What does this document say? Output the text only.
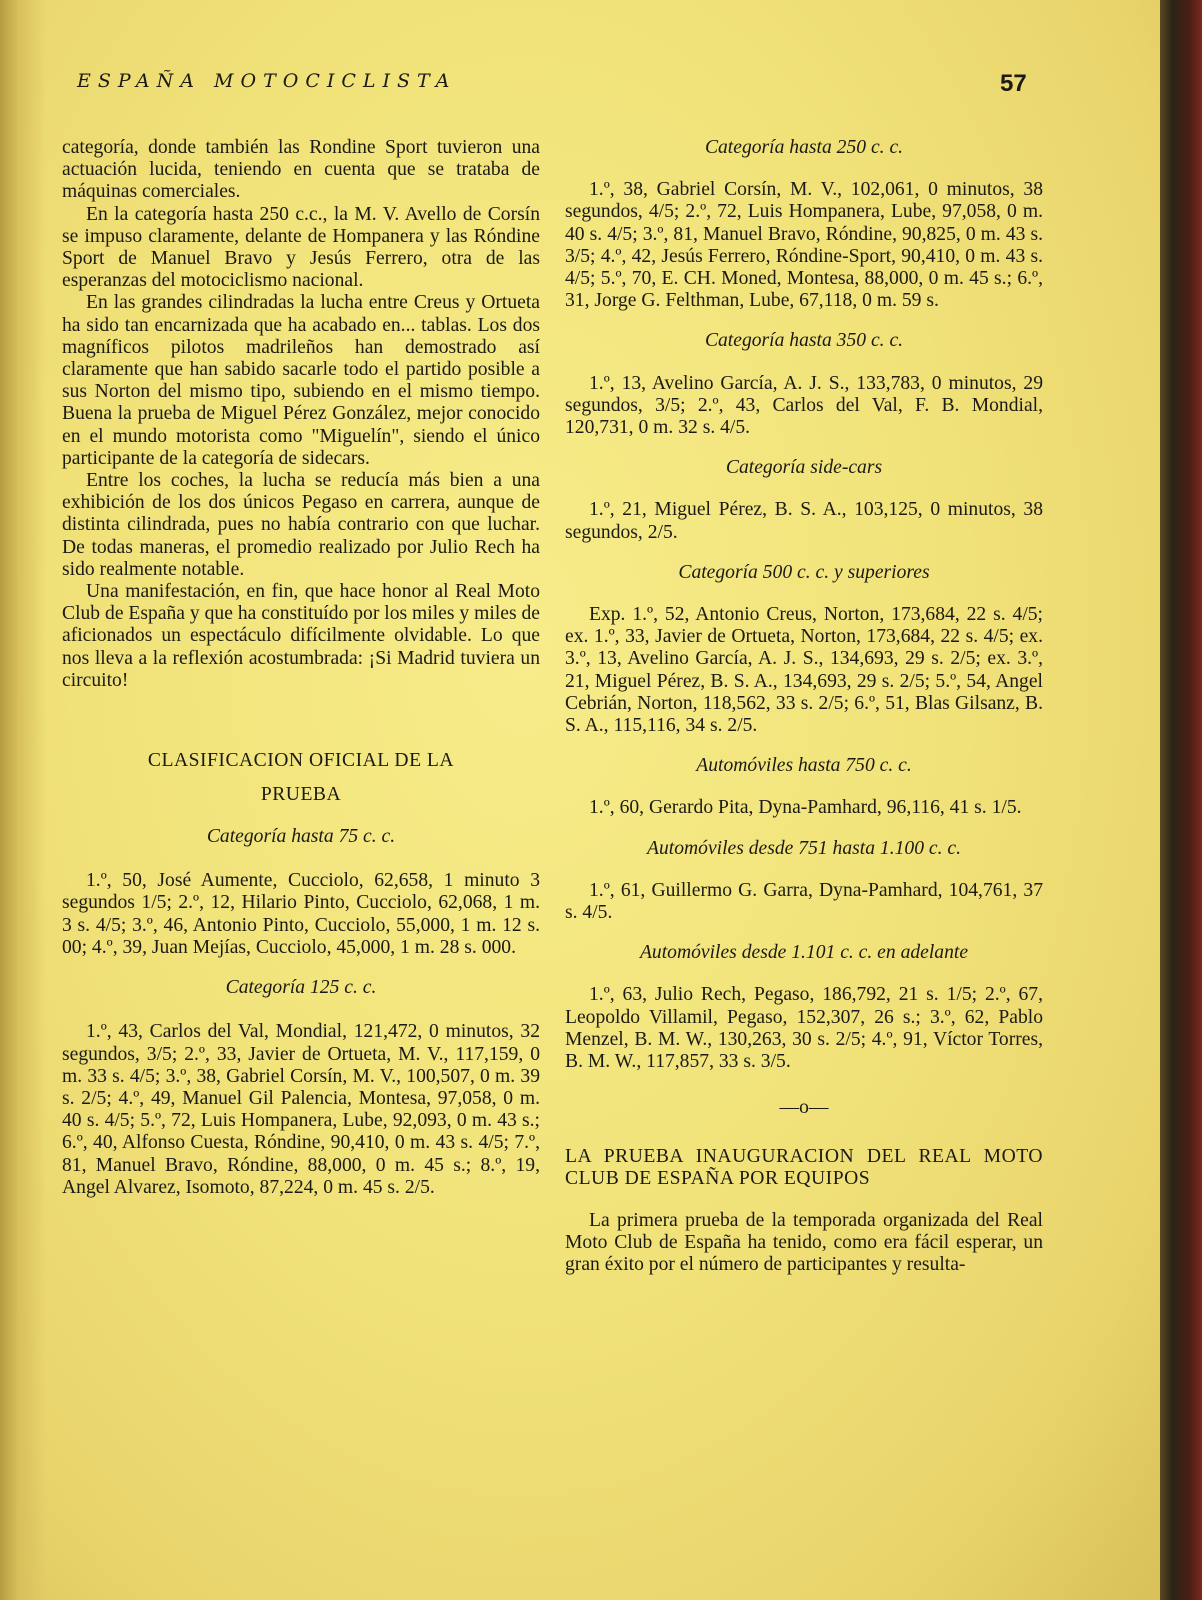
ESPAÑA MOTOCICLISTA	57

categoría, donde también las Rondine Sport tuvieron una actuación lucida, teniendo en cuenta que se trataba de máquinas comerciales.

En la categoría hasta 250 c.c., la M. V. Avello de Corsín se impuso claramente, delante de Hompanera y las Róndine Sport de Manuel Bravo y Jesús Ferrero, otra de las esperanzas del motociclismo nacional.

En las grandes cilindradas la lucha entre Creus y Ortueta ha sido tan encarnizada que ha acabado en... tablas. Los dos magníficos pilotos madrileños han demostrado así claramente que han sabido sacarle todo el partido posible a sus Norton del mismo tipo, subiendo en el mismo tiempo. Buena la prueba de Miguel Pérez González, mejor conocido en el mundo motorista como "Miguelín", siendo el único participante de la categoría de sidecars.

Entre los coches, la lucha se reducía más bien a una exhibición de los dos únicos Pegaso en carrera, aunque de distinta cilindrada, pues no había contrario con que luchar. De todas maneras, el promedio realizado por Julio Rech ha sido realmente notable.

Una manifestación, en fin, que hace honor al Real Moto Club de España y que ha constituído por los miles y miles de aficionados un espectáculo difícilmente olvidable. Lo que nos lleva a la reflexión acostumbrada: ¡Si Madrid tuviera un circuito!

CLASIFICACION OFICIAL DE LA
PRUEBA

Categoría hasta 75 c. c.

1.º, 50, José Aumente, Cucciolo, 62,658, 1 minuto 3 segundos 1/5; 2.º, 12, Hilario Pinto, Cucciolo, 62,068, 1 m. 3 s. 4/5; 3.º, 46, Antonio Pinto, Cucciolo, 55,000, 1 m. 12 s. 00; 4.º, 39, Juan Mejías, Cucciolo, 45,000, 1 m. 28 s. 000.

Categoría 125 c. c.

1.º, 43, Carlos del Val, Mondial, 121,472, 0 minutos, 32 segundos, 3/5; 2.º, 33, Javier de Ortueta, M. V., 117,159, 0 m. 33 s. 4/5; 3.º, 38, Gabriel Corsín, M. V., 100,507, 0 m. 39 s. 2/5; 4.º, 49, Manuel Gil Palencia, Montesa, 97,058, 0 m. 40 s. 4/5; 5.º, 72, Luis Hompanera, Lube, 92,093, 0 m. 43 s.; 6.º, 40, Alfonso Cuesta, Róndine, 90,410, 0 m. 43 s. 4/5; 7.º, 81, Manuel Bravo, Róndine, 88,000, 0 m. 45 s.; 8.º, 19, Angel Alvarez, Isomoto, 87,224, 0 m. 45 s. 2/5.

Categoría hasta 250 c. c.

1.º, 38, Gabriel Corsín, M. V., 102,061, 0 minutos, 38 segundos, 4/5; 2.º, 72, Luis Hompanera, Lube, 97,058, 0 m. 40 s. 4/5; 3.º, 81, Manuel Bravo, Róndine, 90,825, 0 m. 43 s. 3/5; 4.º, 42, Jesús Ferrero, Róndine-Sport, 90,410, 0 m. 43 s. 4/5; 5.º, 70, E. CH. Moned, Montesa, 88,000, 0 m. 45 s.; 6.º, 31, Jorge G. Felthman, Lube, 67,118, 0 m. 59 s.

Categoría hasta 350 c. c.

1.º, 13, Avelino García, A. J. S., 133,783, 0 minutos, 29 segundos, 3/5; 2.º, 43, Carlos del Val, F. B. Mondial, 120,731, 0 m. 32 s. 4/5.

Categoría side-cars

1.º, 21, Miguel Pérez, B. S. A., 103,125, 0 minutos, 38 segundos, 2/5.

Categoría 500 c. c. y superiores

Exp. 1.º, 52, Antonio Creus, Norton, 173,684, 22 s. 4/5; ex. 1.º, 33, Javier de Ortueta, Norton, 173,684, 22 s. 4/5; ex. 3.º, 13, Avelino García, A. J. S., 134,693, 29 s. 2/5; ex. 3.º, 21, Miguel Pérez, B. S. A., 134,693, 29 s. 2/5; 5.º, 54, Angel Cebrián, Norton, 118,562, 33 s. 2/5; 6.º, 51, Blas Gilsanz, B. S. A., 115,116, 34 s. 2/5.

Automóviles hasta 750 c. c.

1.º, 60, Gerardo Pita, Dyna-Pamhard, 96,116, 41 s. 1/5.

Automóviles desde 751 hasta 1.100 c. c.

1.º, 61, Guillermo G. Garra, Dyna-Pamhard, 104,761, 37 s. 4/5.

Automóviles desde 1.101 c. c. en adelante

1.º, 63, Julio Rech, Pegaso, 186,792, 21 s. 1/5; 2.º, 67, Leopoldo Villamil, Pegaso, 152,307, 26 s.; 3.º, 62, Pablo Menzel, B. M. W., 130,263, 30 s. 2/5; 4.º, 91, Víctor Torres, B. M. W., 117,857, 33 s. 3/5.

—o—

LA PRUEBA INAUGURACION DEL REAL MOTO CLUB DE ESPAÑA POR EQUIPOS

La primera prueba de la temporada organizada del Real Moto Club de España ha tenido, como era fácil esperar, un gran éxito por el número de participantes y resulta-
